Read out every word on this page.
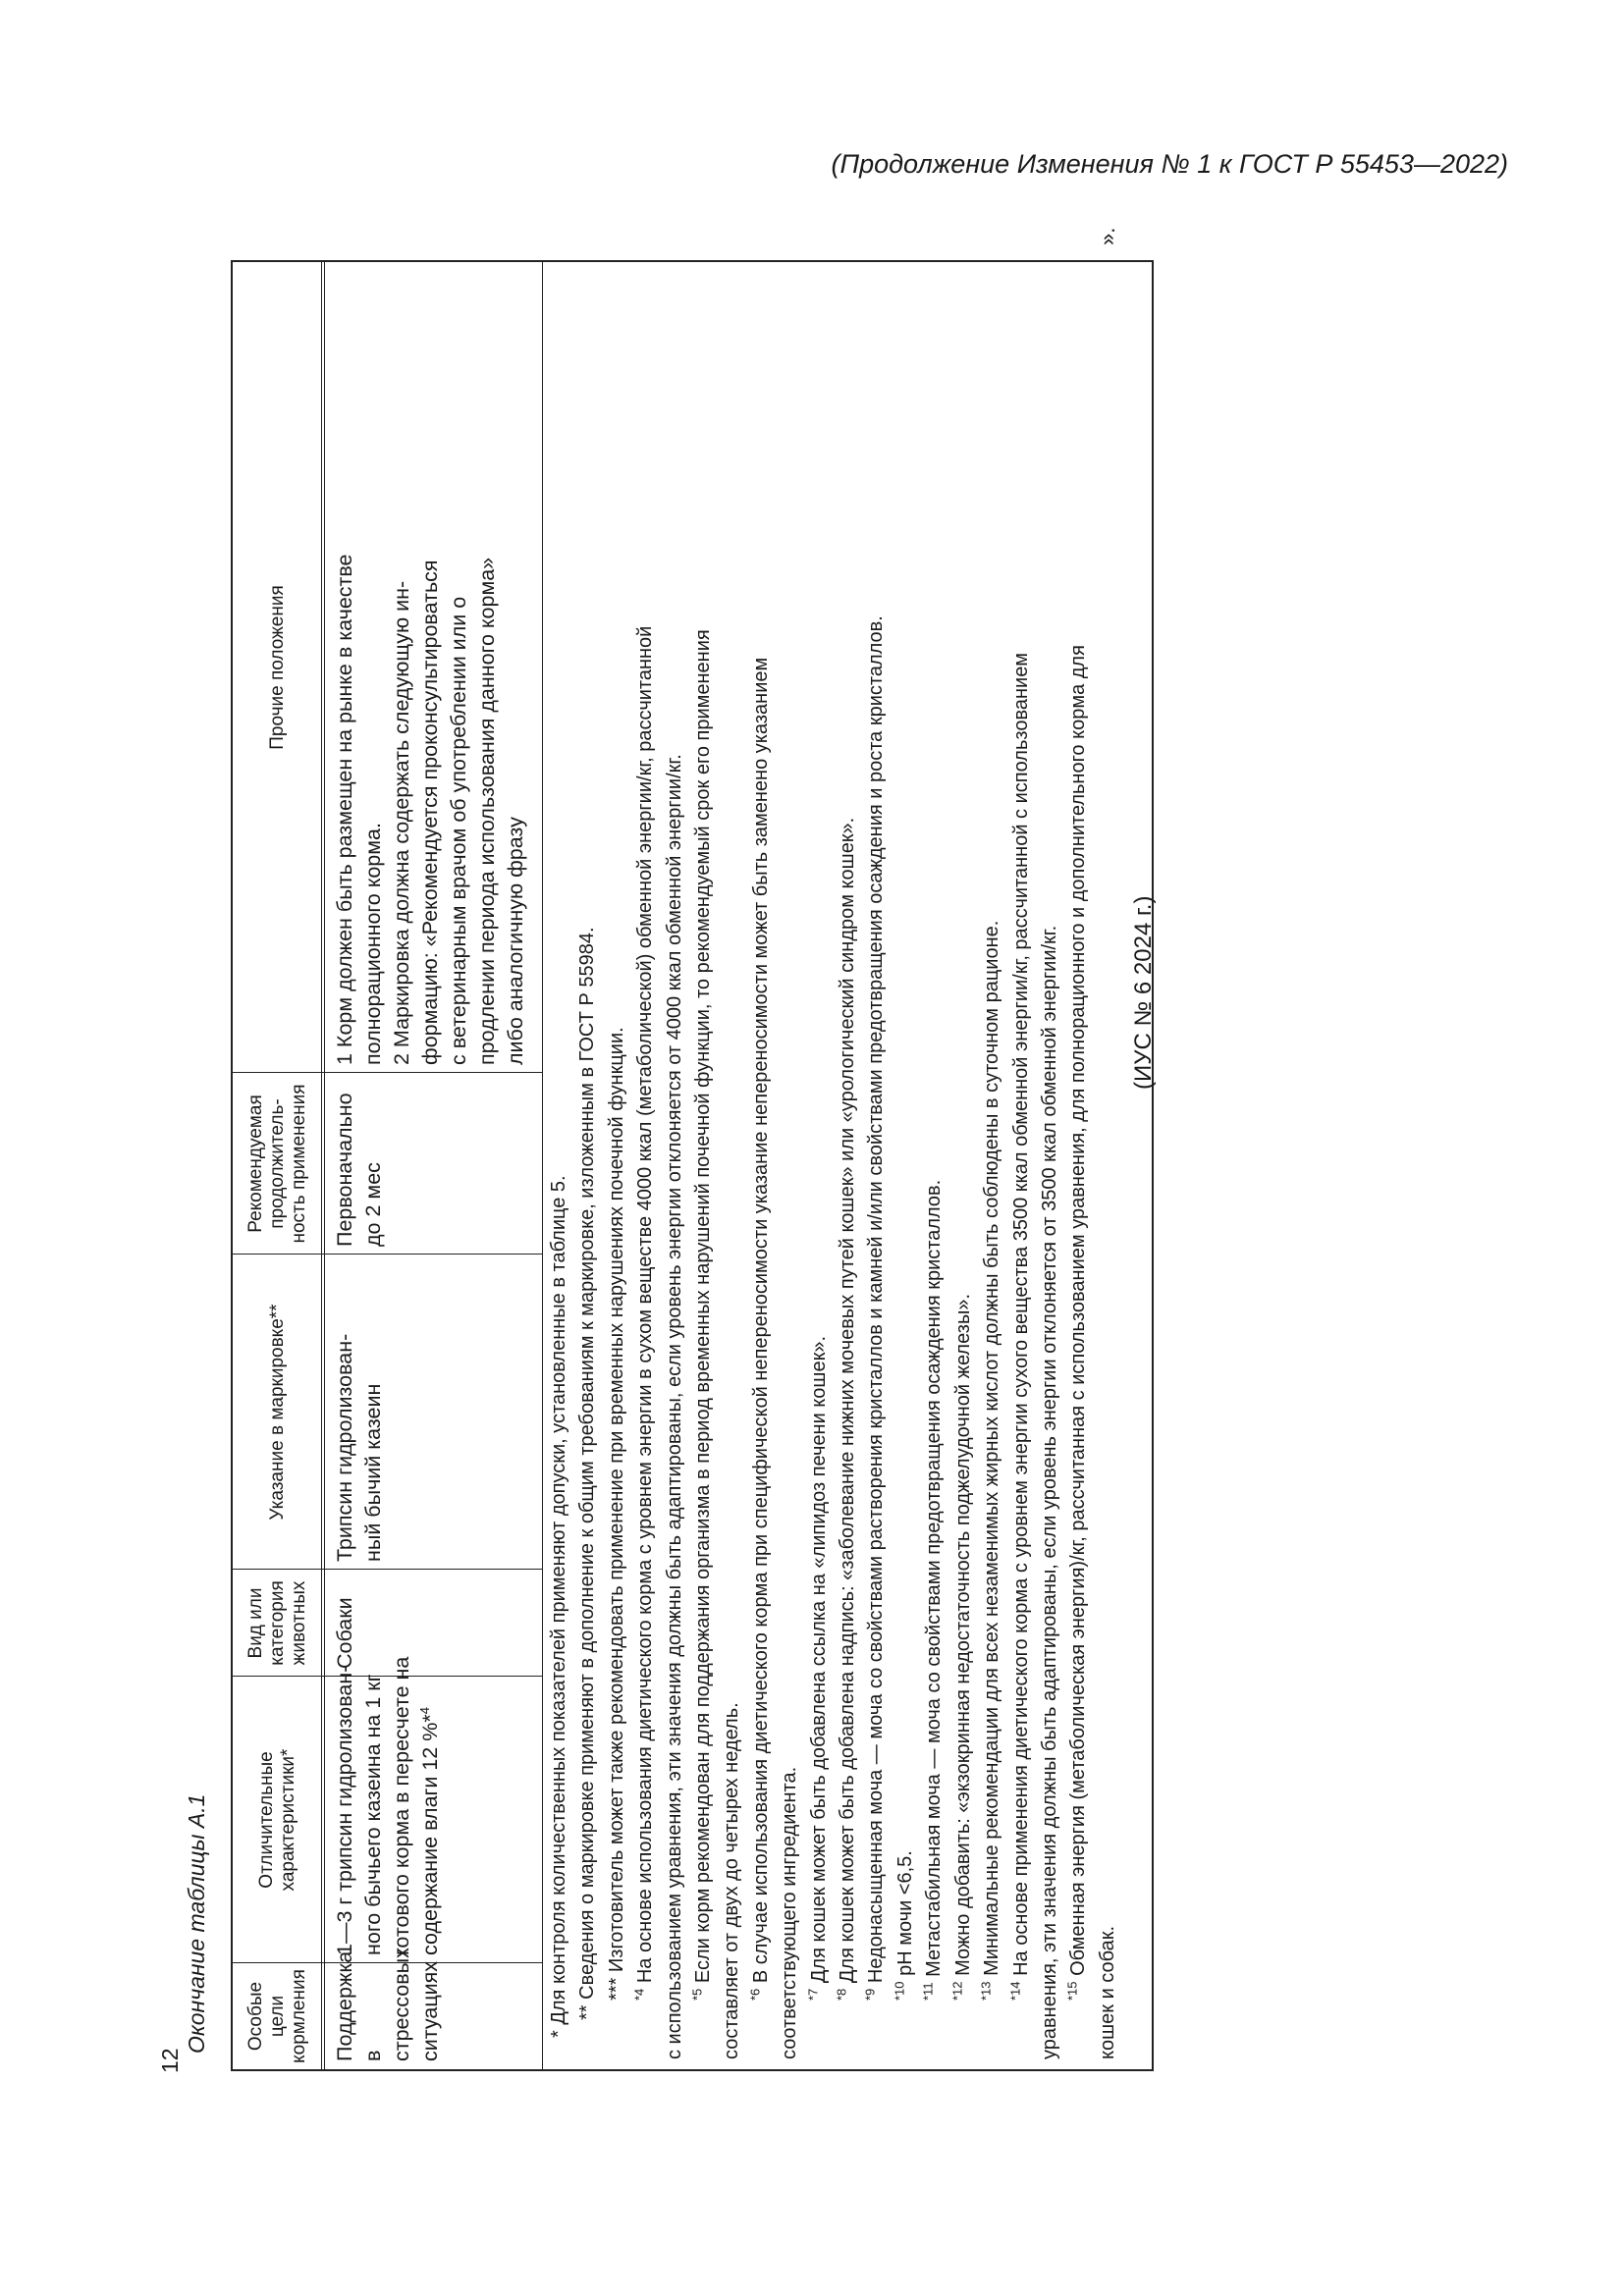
(Продолжение Изменения № 1 к ГОСТ Р 55453—2022)
12
Окончание таблицы А.1	Особые цели кормления
Отличительные характеристики*
Вид или категория животных
Указание в маркировке**
Рекомендуемая продолжитель-ность применения
Прочие положения
Поддержка в стрессовых ситуациях
1—3 г трипсин гидролизован- ного бычьего казеина на 1 кг готового корма в пересчете на содержание влаги 12 %*$^4$
Собаки
Трипсин гидролизован- ный бычий казеин
Первоначально до 2 мес
1 Корм должен быть размещен на рынке в качестве полнорационного корма. 2 Маркировка должна содержать следующую ин- формацию: «Рекомендуется проконсультироваться с ветеринарным врачом об употреблении или о продлении периода использования данного корма» либо аналогичную фразу
* Для контроля количественных показателей применяют допуски, установленные в таблице 5. ** Сведения о маркировке применяют в дополнение к общим требованиям к маркировке, изложенным в ГОСТ Р 55984. *** Изготовитель может также рекомендовать применение при временных нарушениях почечной функции. $^{*4}$ На основе использования диетического корма с уровнем энергии в сухом веществе 4000 ккал (метаболической) обменной энергии/кг, рассчитанной с использованием уравнения, эти значения должны быть адаптированы, если уровень энергии отклоняется от 4000 ккал обменной энергии/кг. $^{*5}$ Если корм рекомендован для поддержания организма в период временных нарушений почечной функции, то рекомендуемый срок его применения составляет от двух до четырех недель. $^{*6}$ В случае использования диетического корма при специфической непереносимости указание непереносимости может быть заменено указанием соответствующего ингредиента. $^{*7}$ Для кошек может быть добавлена ссылка на «липидоз печени кошек».
$^{*8}$ Для кошек может быть добавлена надпись: «заболевание нижних мочевых путей кошек» или «урологический синдром кошек».
$^{*9}$ Недонасыщенная моча — моча со свойствами растворения кристаллов и камней и/или свойствами предотвращения осаждения и роста кристаллов.
$^{*10}$ рН мочи <6,5.
$^{*11}$ Метастабильная моча — моча со свойствами предотвращения осаждения кристаллов.
$^{*12}$ Можно добавить: «экзокринная недостаточность поджелудочной железы».
$^{*13}$ Минимальные рекомендации для всех незаменимых жирных кислот должны быть соблюдены в суточном рационе.
$^{*14}$ На основе применения диетического корма с уровнем энергии сухого вещества 3500 ккал обменной энергии/кг, рассчитанной с использованием уравнения, эти значения должны быть адаптированы, если уровень энергии отклоняется от 3500 ккал обменной энергии/кг. $^{*15}$ Обменная энергия (метаболическая энергия)/кг, рассчитанная с использованием уравнения, для полнорационного и дополнительного корма для
кошек и собак.
».
(ИУС № 6 2024 г.)
